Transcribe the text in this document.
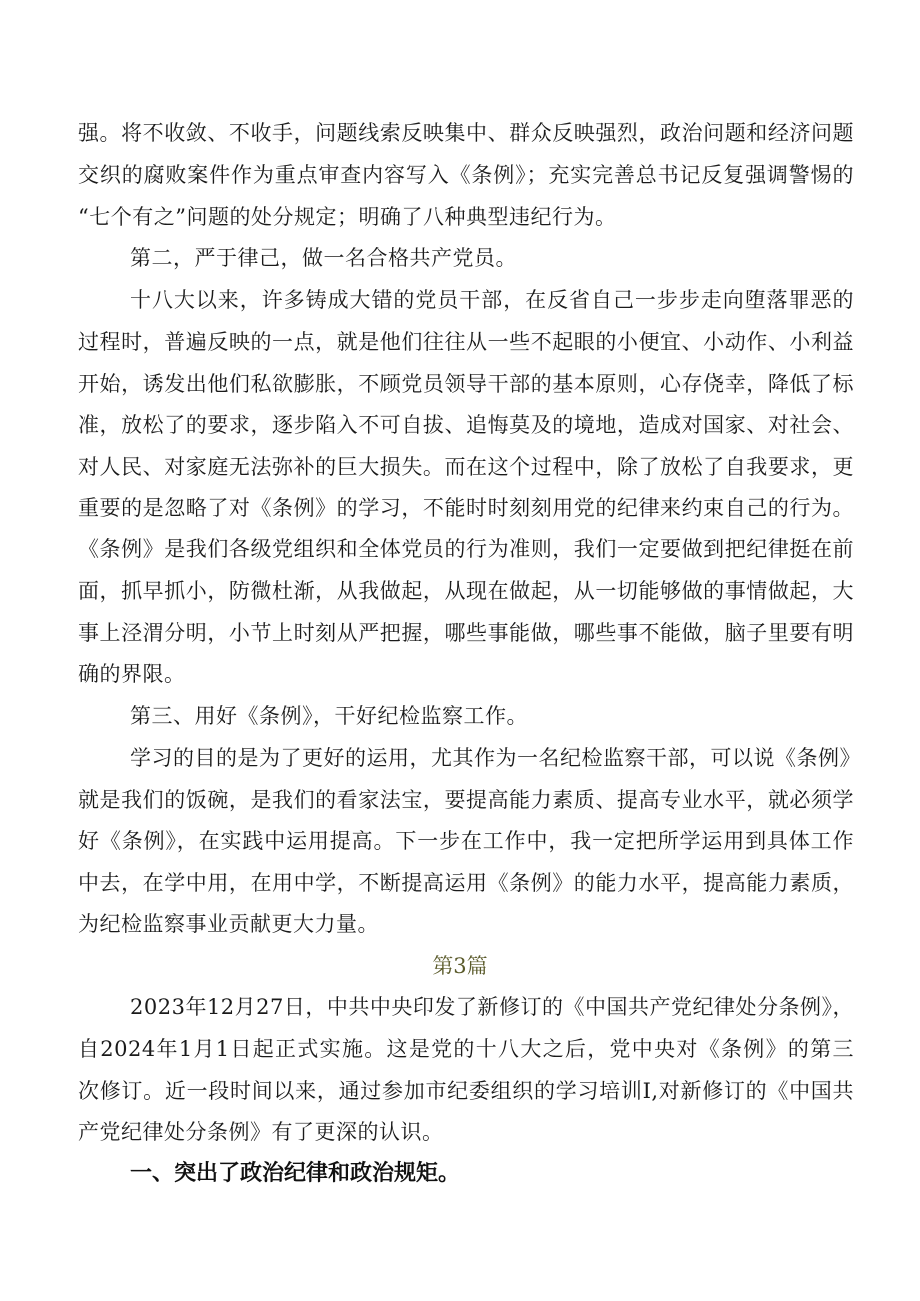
强。将不收敛、不收手，问题线索反映集中、群众反映强烈，政治问题和经济问题
交织的腐败案件作为重点审查内容写入《条例》；充实完善总书记反复强调警惕的
“七个有之”问题的处分规定；明确了八种典型违纪行为。
第二，严于律己，做一名合格共产党员。
十八大以来，许多铸成大错的党员干部，在反省自己一步步走向堕落罪恶的
过程时，普遍反映的一点，就是他们往往从一些不起眼的小便宜、小动作、小利益
开始，诱发出他们私欲膨胀，不顾党员领导干部的基本原则，心存侥幸，降低了标
准，放松了的要求，逐步陷入不可自拔、追悔莫及的境地，造成对国家、对社会、
对人民、对家庭无法弥补的巨大损失。而在这个过程中，除了放松了自我要求，更
重要的是忽略了对《条例》的学习，不能时时刻刻用党的纪律来约束自己的行为。
《条例》是我们各级党组织和全体党员的行为准则，我们一定要做到把纪律挺在前
面，抓早抓小，防微杜渐，从我做起，从现在做起，从一切能够做的事情做起，大
事上泾渭分明，小节上时刻从严把握，哪些事能做，哪些事不能做，脑子里要有明
确的界限。
第三、用好《条例》，干好纪检监察工作。
学习的目的是为了更好的运用，尤其作为一名纪检监察干部，可以说《条例》
就是我们的饭碗，是我们的看家法宝，要提高能力素质、提高专业水平，就必须学
好《条例》，在实践中运用提高。下一步在工作中，我一定把所学运用到具体工作
中去，在学中用，在用中学，不断提高运用《条例》的能力水平，提高能力素质，
为纪检监察事业贡献更大力量。
第3篇
2023年12月27日，中共中央印发了新修订的《中国共产党纪律处分条例》，
自2024年1月1日起正式实施。这是党的十八大之后，党中央对《条例》的第三
次修订。近一段时间以来，通过参加市纪委组织的学习培训I,对新修订的《中国共
产党纪律处分条例》有了更深的认识。
一、突出了政治纪律和政治规矩。
